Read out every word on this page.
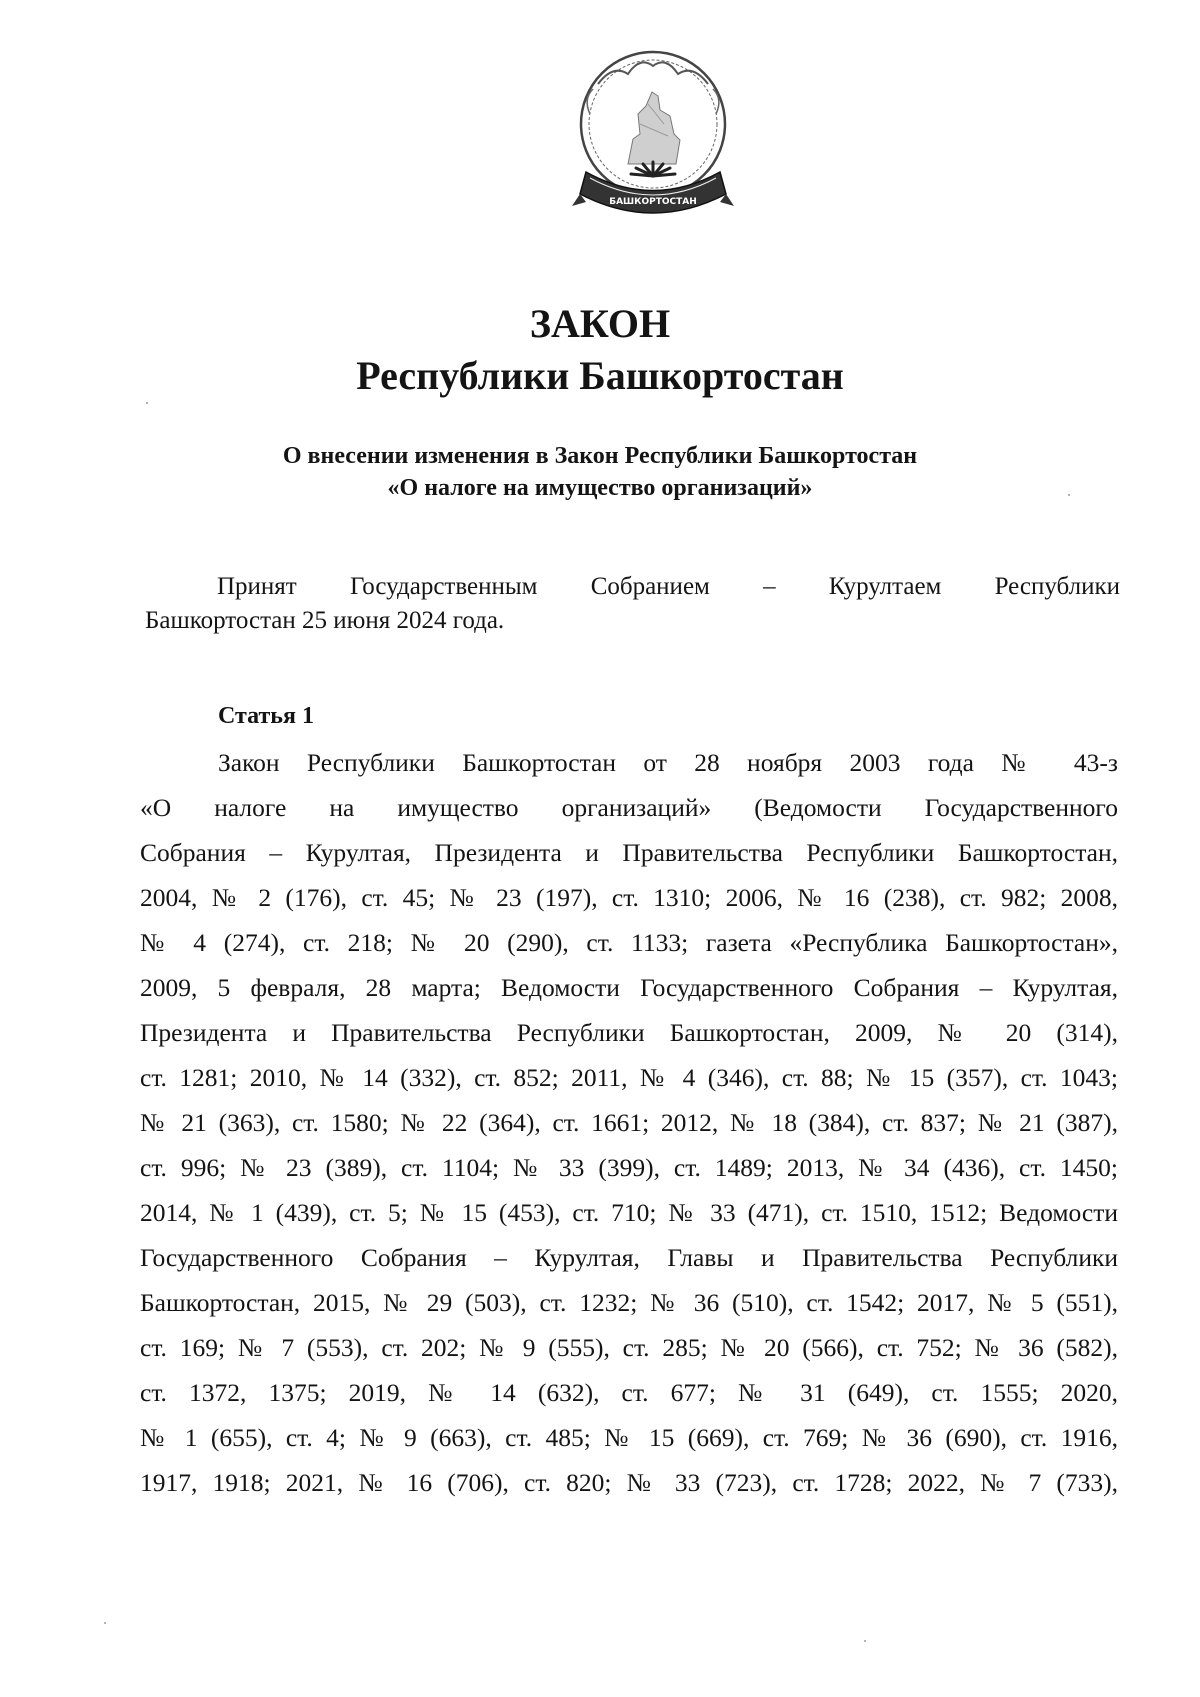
БАШКОРТОСТАН
ЗАКОН
Республики Башкортостан
О внесении изменения в Закон Республики Башкортостан
«О налоге на имущество организаций»
Принят Государственным Собранием – Курултаем Республики
Башкортостан 25 июня 2024 года.
Статья 1
Закон Республики Башкортостан от 28 ноября 2003 года № 43-з
«О налоге на имущество организаций» (Ведомости Государственного
Собрания – Курултая, Президента и Правительства Республики Башкортостан,
2004, № 2 (176), ст. 45; № 23 (197), ст. 1310; 2006, № 16 (238), ст. 982; 2008,
№ 4 (274), ст. 218; № 20 (290), ст. 1133; газета «Республика Башкортостан»,
2009, 5 февраля, 28 марта; Ведомости Государственного Собрания – Курултая,
Президента и Правительства Республики Башкортостан, 2009, № 20 (314),
ст. 1281; 2010, № 14 (332), ст. 852; 2011, № 4 (346), ст. 88; № 15 (357), ст. 1043;
№ 21 (363), ст. 1580; № 22 (364), ст. 1661; 2012, № 18 (384), ст. 837; № 21 (387),
ст. 996; № 23 (389), ст. 1104; № 33 (399), ст. 1489; 2013, № 34 (436), ст. 1450;
2014, № 1 (439), ст. 5; № 15 (453), ст. 710; № 33 (471), ст. 1510, 1512; Ведомости
Государственного Собрания – Курултая, Главы и Правительства Республики
Башкортостан, 2015, № 29 (503), ст. 1232; № 36 (510), ст. 1542; 2017, № 5 (551),
ст. 169; № 7 (553), ст. 202; № 9 (555), ст. 285; № 20 (566), ст. 752; № 36 (582),
ст. 1372, 1375; 2019, № 14 (632), ст. 677; № 31 (649), ст. 1555; 2020,
№ 1 (655), ст. 4; № 9 (663), ст. 485; № 15 (669), ст. 769; № 36 (690), ст. 1916,
1917, 1918; 2021, № 16 (706), ст. 820; № 33 (723), ст. 1728; 2022, № 7 (733),
